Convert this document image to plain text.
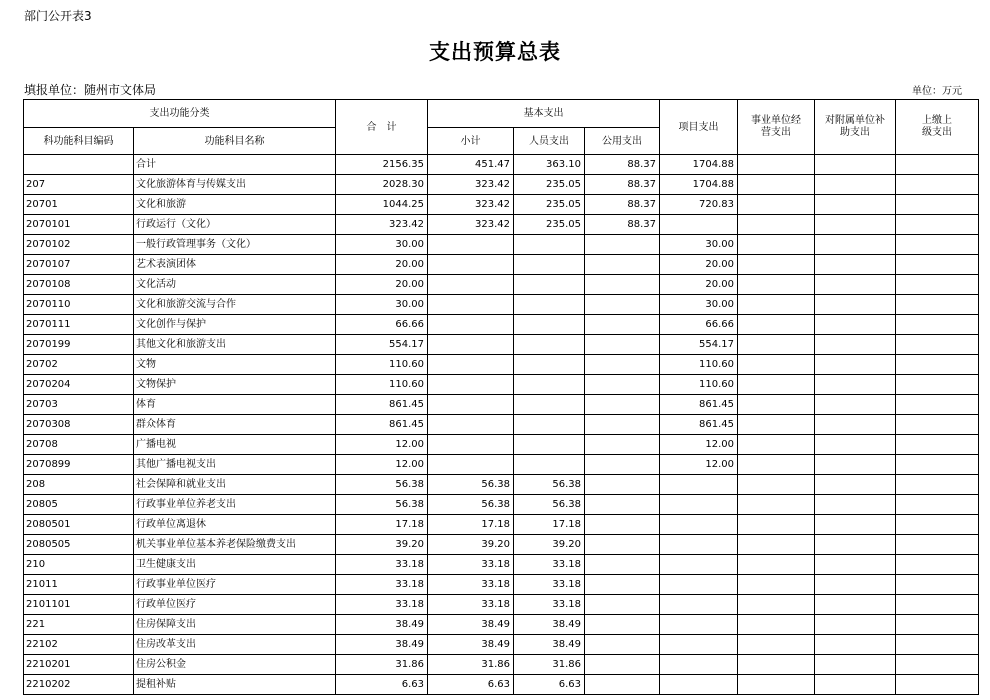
部门公开表3
支出预算总表
填报单位：随州市文体局	单位：万元
支出功能分类		合　计	基本支出			项目支出	事业单位经营支出	对附属单位补助支出	上缴上级支出
科功能科目编码	功能科目名称		小计	人员支出	公用支出				
	合计	2156.35	451.47	363.10	88.37	1704.88			
207	文化旅游体育与传媒支出	2028.30	323.42	235.05	88.37	1704.88			
20701	文化和旅游	1044.25	323.42	235.05	88.37	720.83			
2070101	行政运行（文化）	323.42	323.42	235.05	88.37				
2070102	一般行政管理事务（文化）	30.00				30.00			
2070107	艺术表演团体	20.00				20.00			
2070108	文化活动	20.00				20.00			
2070110	文化和旅游交流与合作	30.00				30.00			
2070111	文化创作与保护	66.66				66.66			
2070199	其他文化和旅游支出	554.17				554.17			
20702	文物	110.60				110.60			
2070204	文物保护	110.60				110.60			
20703	体育	861.45				861.45			
2070308	群众体育	861.45				861.45			
20708	广播电视	12.00				12.00			
2070899	其他广播电视支出	12.00				12.00			
208	社会保障和就业支出	56.38	56.38	56.38					
20805	行政事业单位养老支出	56.38	56.38	56.38					
2080501	行政单位离退休	17.18	17.18	17.18					
2080505	机关事业单位基本养老保险缴费支出	39.20	39.20	39.20					
210	卫生健康支出	33.18	33.18	33.18					
21011	行政事业单位医疗	33.18	33.18	33.18					
2101101	行政单位医疗	33.18	33.18	33.18					
221	住房保障支出	38.49	38.49	38.49					
22102	住房改革支出	38.49	38.49	38.49					
2210201	住房公积金	31.86	31.86	31.86					
2210202	提租补贴	6.63	6.63	6.63					
